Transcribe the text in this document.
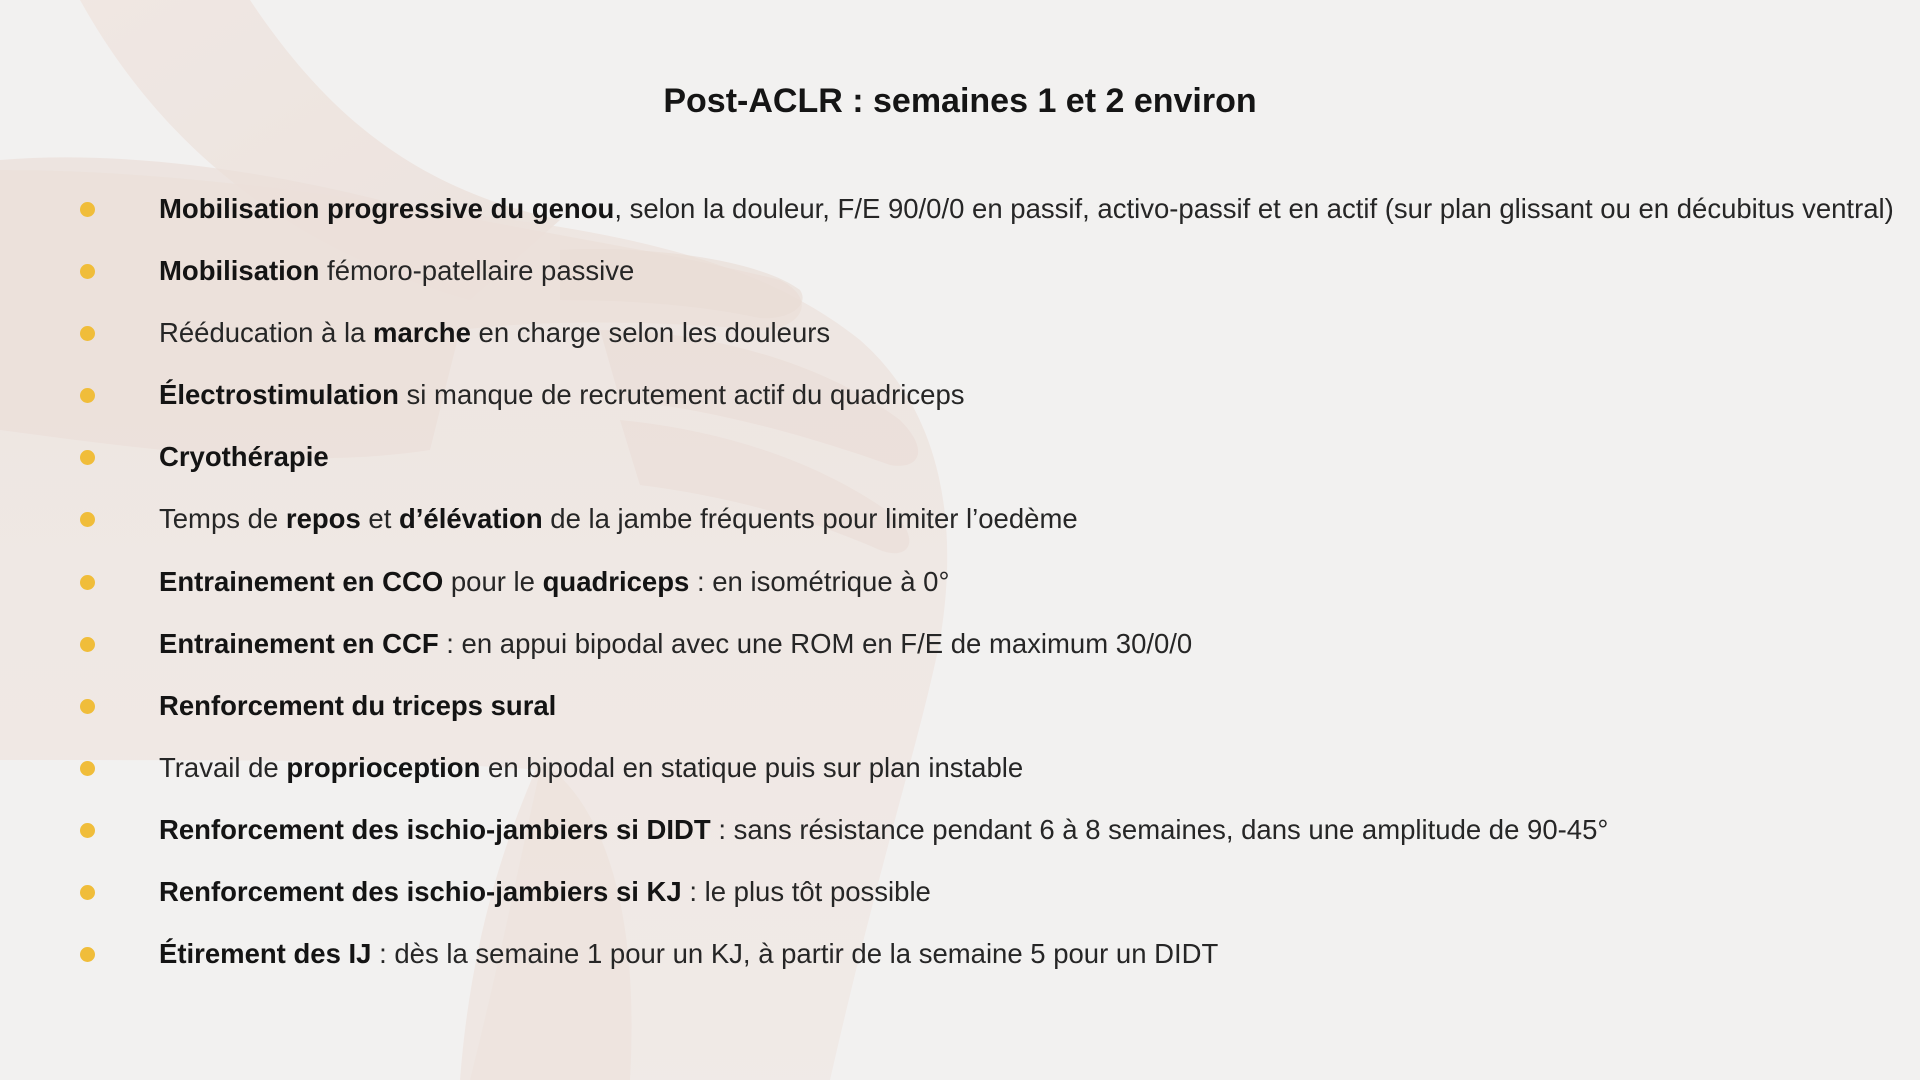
Post-ACLR : semaines 1 et 2 environ
Mobilisation progressive du genou, selon la douleur, F/E 90/0/0 en passif, activo-passif et en actif (sur plan glissant ou en décubitus ventral)
Mobilisation fémoro-patellaire passive
Rééducation à la marche en charge selon les douleurs
Électrostimulation si manque de recrutement actif du quadriceps
Cryothérapie
Temps de repos et d’élévation de la jambe fréquents pour limiter l’oedème
Entrainement en CCO pour le quadriceps : en isométrique à 0°
Entrainement en CCF : en appui bipodal avec une ROM en F/E de maximum 30/0/0
Renforcement du triceps sural
Travail de proprioception en bipodal en statique puis sur plan instable
Renforcement des ischio-jambiers si DIDT : sans résistance pendant 6 à 8 semaines, dans une amplitude de 90-45°
Renforcement des ischio-jambiers si KJ : le plus tôt possible
Étirement des IJ : dès la semaine 1 pour un KJ, à partir de la semaine 5 pour un DIDT
